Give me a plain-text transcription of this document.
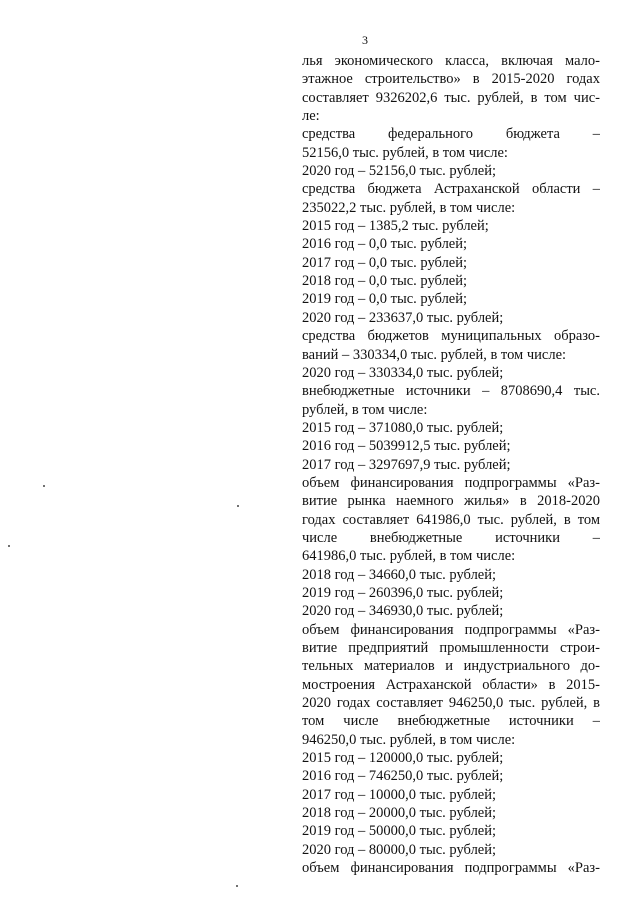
3
лья экономического класса, включая мало-
этажное строительство» в 2015-2020 годах
составляет 9326202,6 тыс. рублей, в том чис-
ле:
средства федерального бюджета –
52156,0 тыс. рублей, в том числе:
2020 год – 52156,0 тыс. рублей;
средства бюджета Астраханской области –
235022,2 тыс. рублей, в том числе:
2015 год – 1385,2 тыс. рублей;
2016 год – 0,0 тыс. рублей;
2017 год – 0,0 тыс. рублей;
2018 год – 0,0 тыс. рублей;
2019 год – 0,0 тыс. рублей;
2020 год – 233637,0 тыс. рублей;
средства бюджетов муниципальных образо-
ваний – 330334,0 тыс. рублей, в том числе:
2020 год – 330334,0 тыс. рублей;
внебюджетные источники – 8708690,4 тыс.
рублей, в том числе:
2015 год – 371080,0 тыс. рублей;
2016 год – 5039912,5 тыс. рублей;
2017 год – 3297697,9 тыс. рублей;
объем финансирования подпрограммы «Раз-
витие рынка наемного жилья» в 2018-2020
годах составляет 641986,0 тыс. рублей, в том
числе внебюджетные источники –
641986,0 тыс. рублей, в том числе:
2018 год – 34660,0 тыс. рублей;
2019 год – 260396,0 тыс. рублей;
2020 год – 346930,0 тыс. рублей;
объем финансирования подпрограммы «Раз-
витие предприятий промышленности строи-
тельных материалов и индустриального до-
мостроения Астраханской области» в 2015-
2020 годах составляет 946250,0 тыс. рублей, в
том числе внебюджетные источники –
946250,0 тыс. рублей, в том числе:
2015 год – 120000,0 тыс. рублей;
2016 год – 746250,0 тыс. рублей;
2017 год – 10000,0 тыс. рублей;
2018 год – 20000,0 тыс. рублей;
2019 год – 50000,0 тыс. рублей;
2020 год – 80000,0 тыс. рублей;
объем финансирования подпрограммы «Раз-
